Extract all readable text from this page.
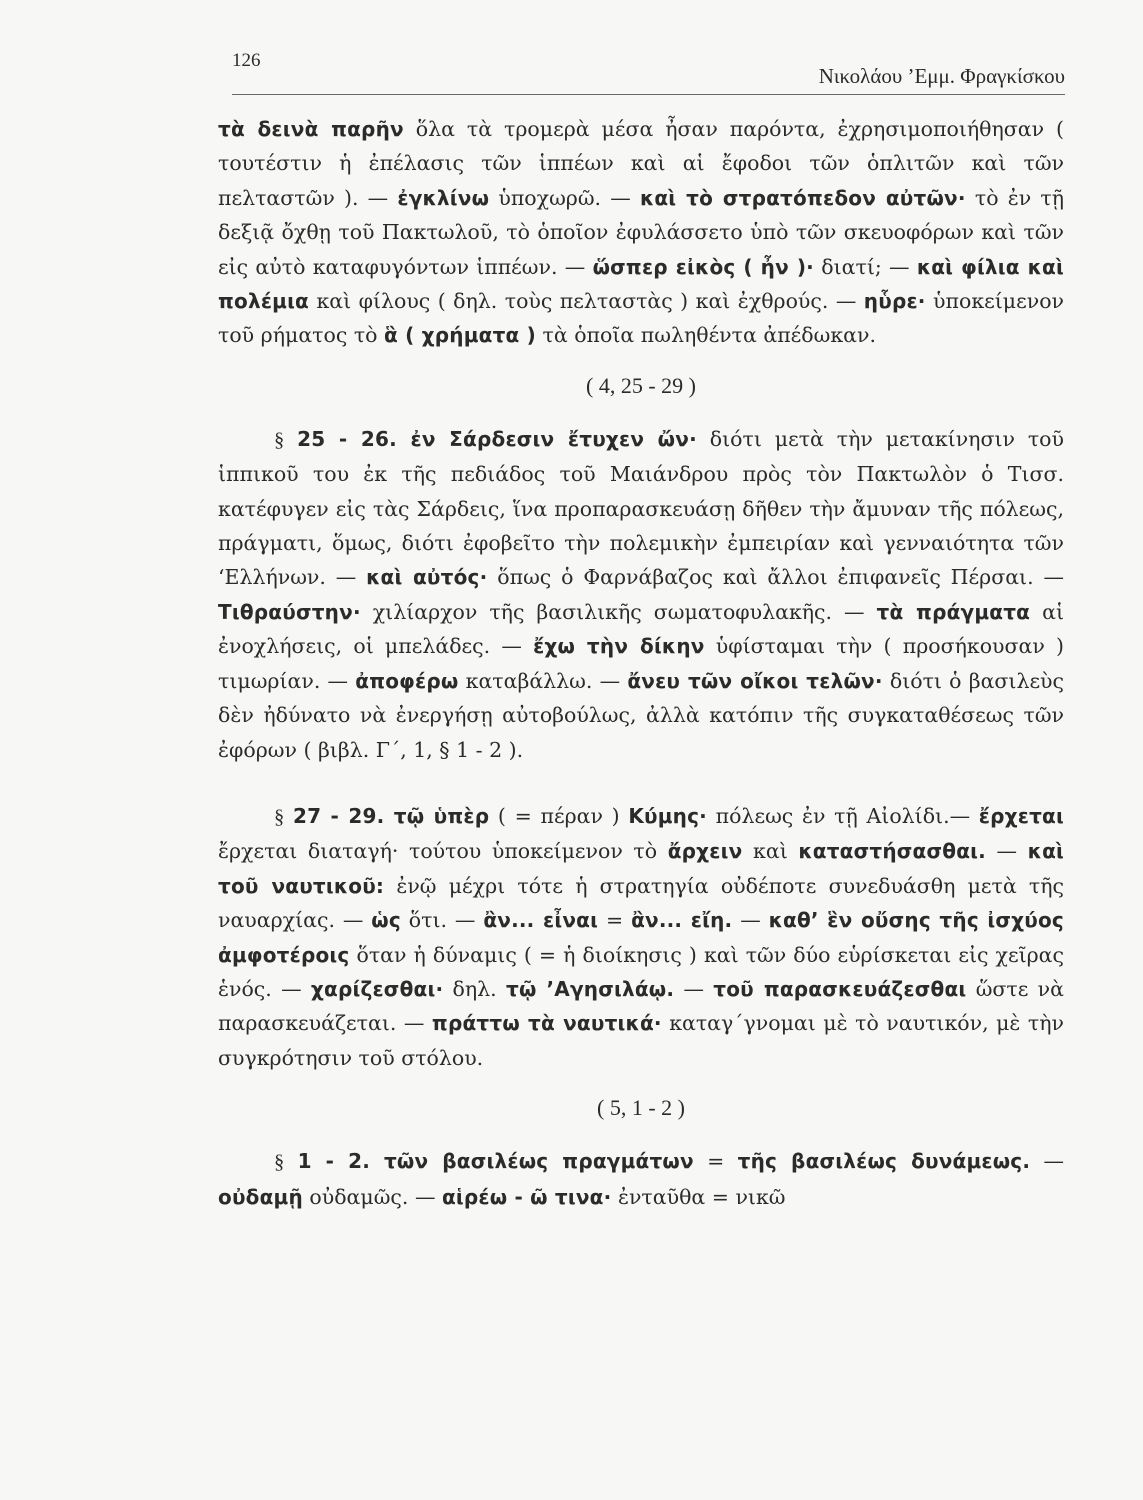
126
Νικολάου ’Εμμ. Φραγκίσκου

τὰ δεινὰ παρῆν ὅλα τὰ τρομερὰ μέσα ἦσαν παρόντα, ἐχρησιμοποιήθησαν ( τουτέστιν ἡ ἐπέλασις τῶν ἱππέων καὶ αἱ ἔφοδοι τῶν ὁπλιτῶν καὶ τῶν πελταστῶν ). — ἐγκλίνω ὑποχωρῶ. — καὶ τὸ στρατόπεδον αὐτῶν· τὸ ἐν τῇ δεξιᾷ ὄχθῃ τοῦ Πακτωλοῦ, τὸ ὁποῖον ἐφυλάσσετο ὑπὸ τῶν σκευοφόρων καὶ τῶν εἰς αὐτὸ καταφυγόντων ἱππέων. — ὥσπερ εἰκὸς ( ἦν )· διατί; — καὶ φίλια καὶ πολέμια καὶ φίλους ( δηλ. τοὺς πελταστὰς ) καὶ ἐχθρούς. — ηὗρε· ὑποκείμενον τοῦ ρήματος τὸ ἃ ( χρήματα ) τὰ ὁποῖα πωληθέντα ἀπέδωκαν.

( 4, 25 - 29 )

§ 25 - 26. ἐν Σάρδεσιν ἔτυχεν ὤν· διότι μετὰ τὴν μετακίνησιν τοῦ ἱππικοῦ του ἐκ τῆς πεδιάδος τοῦ Μαιάνδρου πρὸς τὸν Πακτωλὸν ὁ Τισσ. κατέφυγεν εἰς τὰς Σάρδεις, ἵνα προπαρασκευάσῃ δῆθεν τὴν ἄμυναν τῆς πόλεως, πράγματι, ὅμως, διότι ἐφοβεῖτο τὴν πολεμικὴν ἐμπειρίαν καὶ γενναιότητα τῶν ‘Ελλήνων. — καὶ αὐτός· ὅπως ὁ Φαρνάβαζος καὶ ἄλλοι ἐπιφανεῖς Πέρσαι. — Τιθραύστην· χιλίαρχον τῆς βασιλικῆς σωματοφυλακῆς. — τὰ πράγματα αἱ ἐνοχλήσεις, οἱ μπελάδες. — ἔχω τὴν δίκην ὑφίσταμαι τὴν ( προσήκουσαν ) τιμωρίαν. — ἀποφέρω καταβάλλω. — ἄνευ τῶν οἴκοι τελῶν· διότι ὁ βασιλεὺς δὲν ἠδύνατο νὰ ἐνεργήσῃ αὐτοβούλως, ἀλλὰ κατόπιν τῆς συγκαταθέσεως τῶν ἐφόρων ( βιβλ. Γ΄, 1, § 1 - 2 ).

§ 27 - 29. τῷ ὑπὲρ ( = πέραν ) Κύμης· πόλεως ἐν τῇ Αἰολίδι.— ἔρχεται ἔρχεται διαταγή· τούτου ὑποκείμενον τὸ ἄρχειν καὶ καταστήσασθαι. — καὶ τοῦ ναυτικοῦ: ἐνῷ μέχρι τότε ἡ στρατηγία οὐδέποτε συνεδυάσθη μετὰ τῆς ναυαρχίας. — ὡς ὅτι. — ἂν... εἶναι = ἂν... εἴη. — καθ’ ἓν οὔσης τῆς ἰσχύος ἀμφοτέροις ὅταν ἡ δύναμις ( = ἡ διοίκησις ) καὶ τῶν δύο εὑρίσκεται εἰς χεῖρας ἑνός. — χαρίζεσθαι· δηλ. τῷ ’Αγησιλάῳ. — τοῦ παρασκευάζεσθαι ὥστε νὰ παρασκευάζεται. — πράττω τὰ ναυτικά· καταγ΄γνομαι μὲ τὸ ναυτικόν, μὲ τὴν συγκρότησιν τοῦ στόλου.

( 5, 1 - 2 )

§ 1 - 2. τῶν βασιλέως πραγμάτων = τῆς βασιλέως δυνάμεως. — οὐδαμῇ οὐδαμῶς. — αἱρέω - ῶ τινα· ἐνταῦθα = νικῶ
